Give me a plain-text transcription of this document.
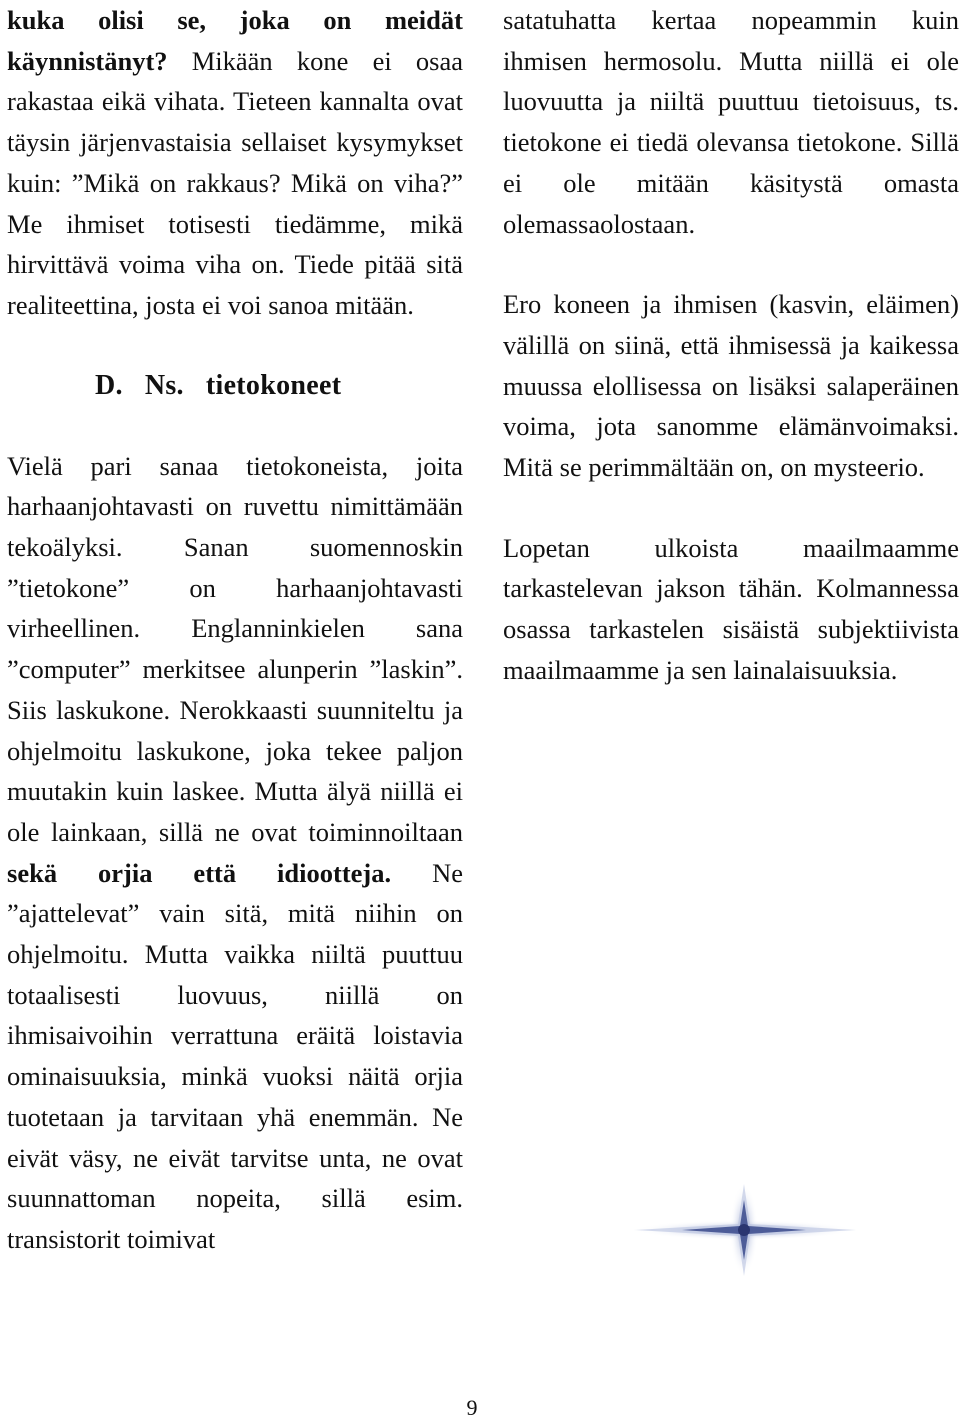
kuka olisi se, joka on meidät käynnistänyt? Mikään kone ei osaa rakastaa eikä vihata. Tieteen kannalta ovat täysin järjenvastaisia sellaiset kysymykset kuin: ”Mikä on rakkaus? Mikä on viha?” Me ihmiset totisesti tiedämme, mikä hirvittävä voima viha on. Tiede pitää sitä realiteettina, josta ei voi sanoa mitään.

D. Ns. tietokoneet

Vielä pari sanaa tietokoneista, joita harhaanjohtavasti on ruvettu nimittämään tekoälyksi. Sanan suomennoskin ”tietokone” on harhaanjohtavasti virheellinen. Englanninkielen sana ”computer” merkitsee alunperin ”laskin”. Siis laskukone. Nerokkaasti suunniteltu ja ohjelmoitu laskukone, joka tekee paljon muutakin kuin laskee. Mutta älyä niillä ei ole lainkaan, sillä ne ovat toiminnoiltaan sekä orjia että idiootteja. Ne ”ajattelevat” vain sitä, mitä niihin on ohjelmoitu. Mutta vaikka niiltä puuttuu totaalisesti luovuus, niillä on ihmisaivoihin verrattuna eräitä loistavia ominaisuuksia, minkä vuoksi näitä orjia tuotetaan ja tarvitaan yhä enemmän. Ne eivät väsy, ne eivät tarvitse unta, ne ovat suunnattoman nopeita, sillä esim. transistorit toimivat

satatuhatta kertaa nopeammin kuin ihmisen hermosolu. Mutta niillä ei ole luovuutta ja niiltä puuttuu tietoisuus, ts. tietokone ei tiedä olevansa tietokone. Sillä ei ole mitään käsitystä omasta olemassaolostaan.

Ero koneen ja ihmisen (kasvin, eläimen) välillä on siinä, että ihmisessä ja kaikessa muussa elollisessa on lisäksi salaperäinen voima, jota sanomme elämänvoimaksi. Mitä se perimmältään on, on mysteerio.

Lopetan ulkoista maailmaamme tarkastelevan jakson tähän. Kolmannessa osassa tarkastelen sisäistä subjektiivista maailmaamme ja sen lainalaisuuksia.

9
